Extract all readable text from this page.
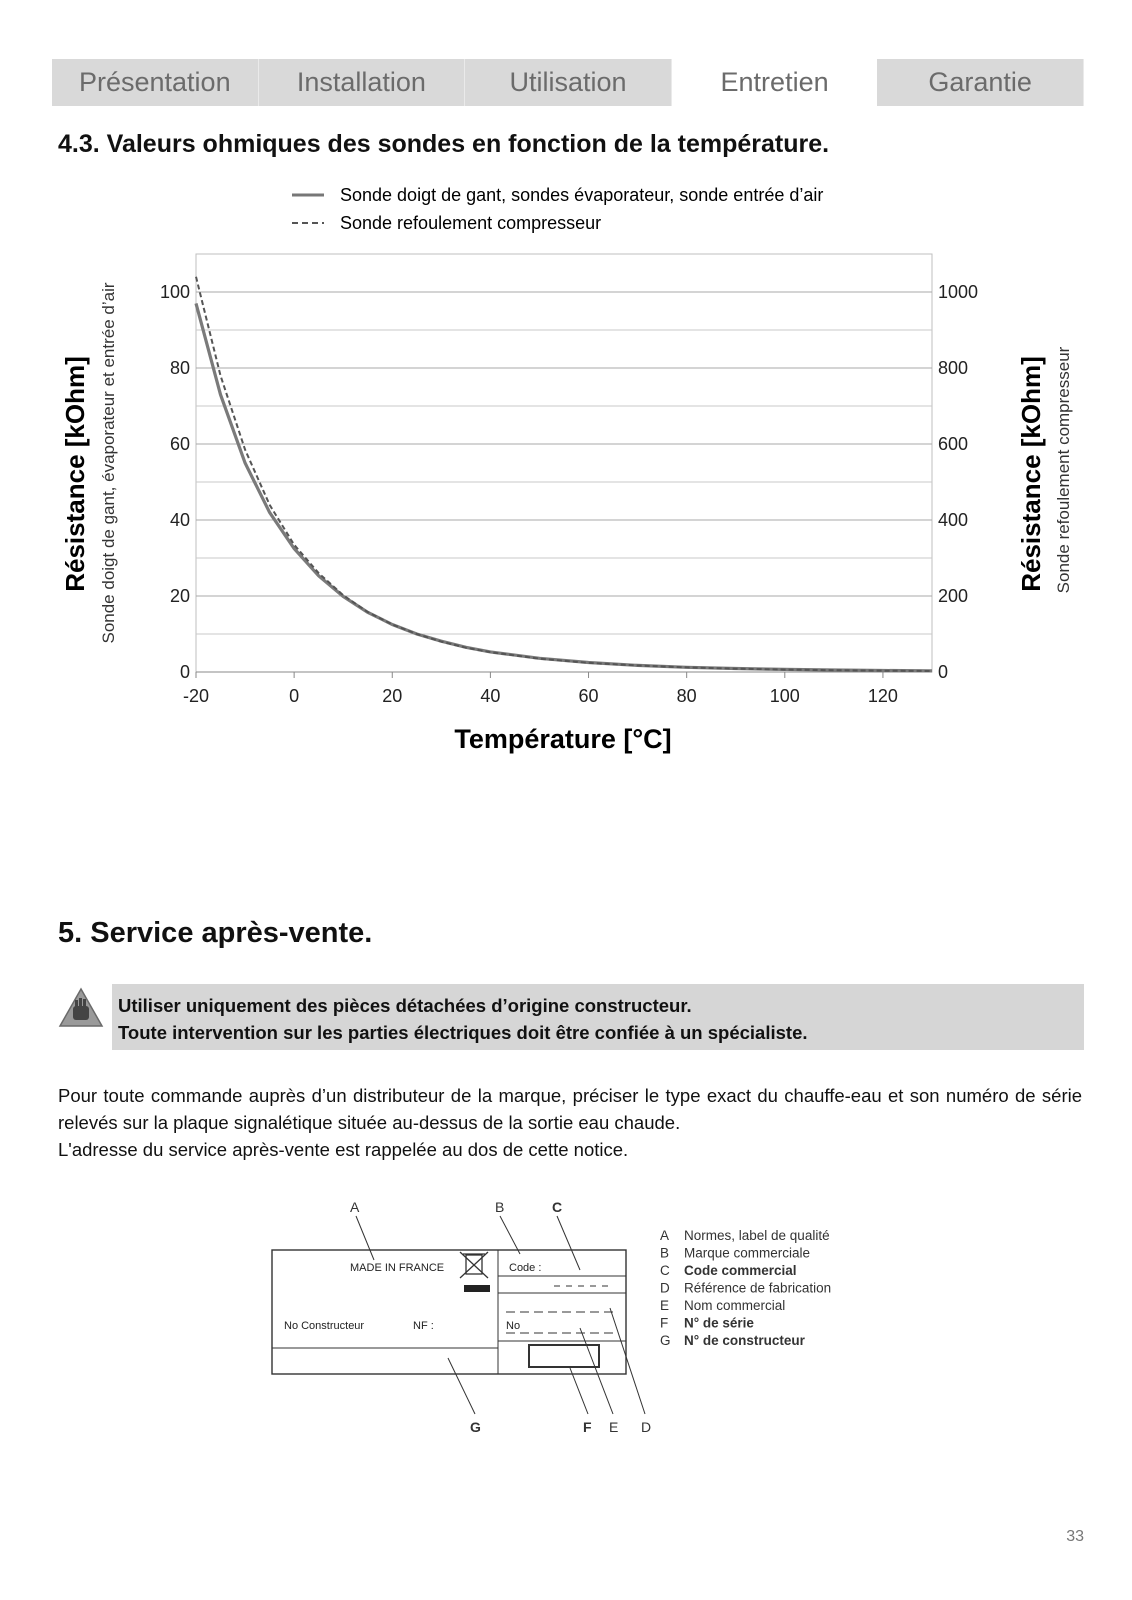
Présentation	Installation	Utilisation	Entretien	Garantie
4.3. Valeurs ohmiques des sondes en fonction de la température.
Sonde doigt de gant, sondes évaporateur, sonde entrée d’air
Sonde refoulement compresseur
-20	0	20	40	60	80	100	120
0
20
40
60
80
100
0
200
400
600
800
1000
Température [°C]
Résistance [kOhm] Sonde doigt de gant, évaporateur et entrée d’air	Résistance [kOhm] Sonde refoulement compresseur
5. Service après-vente.
Utiliser uniquement des pièces détachées d’origine constructeur.
Toute intervention sur les parties électriques doit être confiée à un spécialiste.

Pour toute commande auprès d’un distributeur de la marque, préciser le type exact du chauffe-eau et son numéro de série relevés sur la plaque signalétique située au-dessus de la sortie eau chaude.

L'adresse du service après-vente est rappelée au dos de cette notice.

A	B	C
G	F E D
MADE IN FRANCE	Code :
No Constructeur	NF :	No
A Normes, label de qualité
B Marque commerciale
C Code commercial
D Référence de fabrication
E Nom commercial
F N° de série
G N° de constructeur
33
